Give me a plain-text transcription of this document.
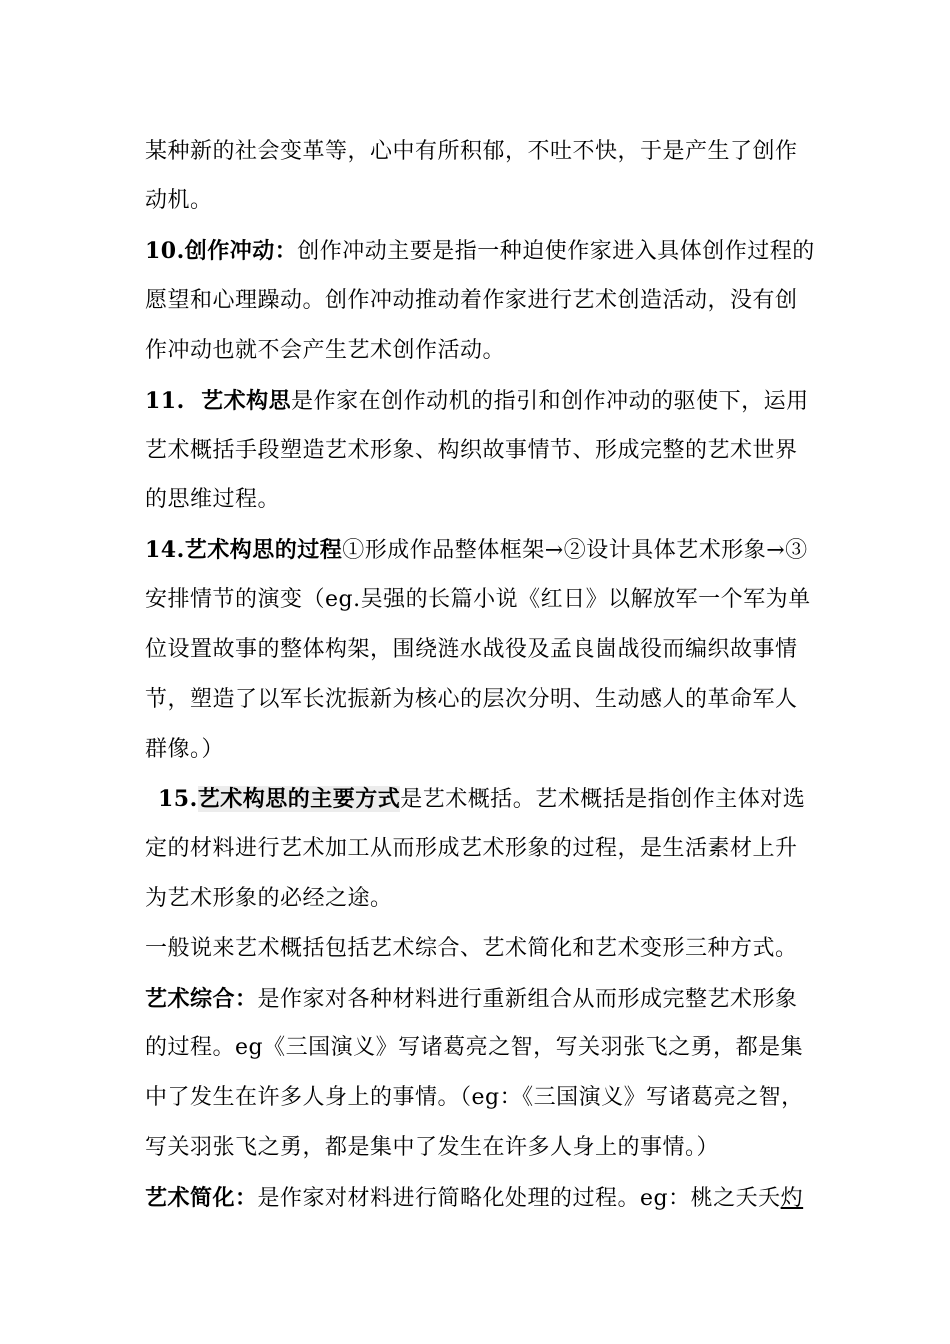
某种新的社会变革等，心中有所积郁，不吐不快，于是产生了创作
动机。
10.创作冲动：创作冲动主要是指一种迫使作家进入具体创作过程的
愿望和心理躁动。创作冲动推动着作家进行艺术创造活动，没有创
作冲动也就不会产生艺术创作活动。
11.  艺术构思是作家在创作动机的指引和创作冲动的驱使下，运用
艺术概括手段塑造艺术形象、构织故事情节、形成完整的艺术世界
的思维过程。
14.艺术构思的过程①形成作品整体框架→②设计具体艺术形象→③
安排情节的演变（eg.吴强的长篇小说《红日》以解放军一个军为单
位设置故事的整体构架，围绕涟水战役及孟良崮战役而编织故事情
节，塑造了以军长沈振新为核心的层次分明、生动感人的革命军人
群像。）
15.艺术构思的主要方式是艺术概括。艺术概括是指创作主体对选
定的材料进行艺术加工从而形成艺术形象的过程，是生活素材上升
为艺术形象的必经之途。
一般说来艺术概括包括艺术综合、艺术简化和艺术变形三种方式。
艺术综合：是作家对各种材料进行重新组合从而形成完整艺术形象
的过程。eg《三国演义》写诸葛亮之智，写关羽张飞之勇，都是集
中了发生在许多人身上的事情。（eg：《三国演义》写诸葛亮之智，
写关羽张飞之勇，都是集中了发生在许多人身上的事情。）
艺术简化：是作家对材料进行简略化处理的过程。eg：桃之夭夭灼
